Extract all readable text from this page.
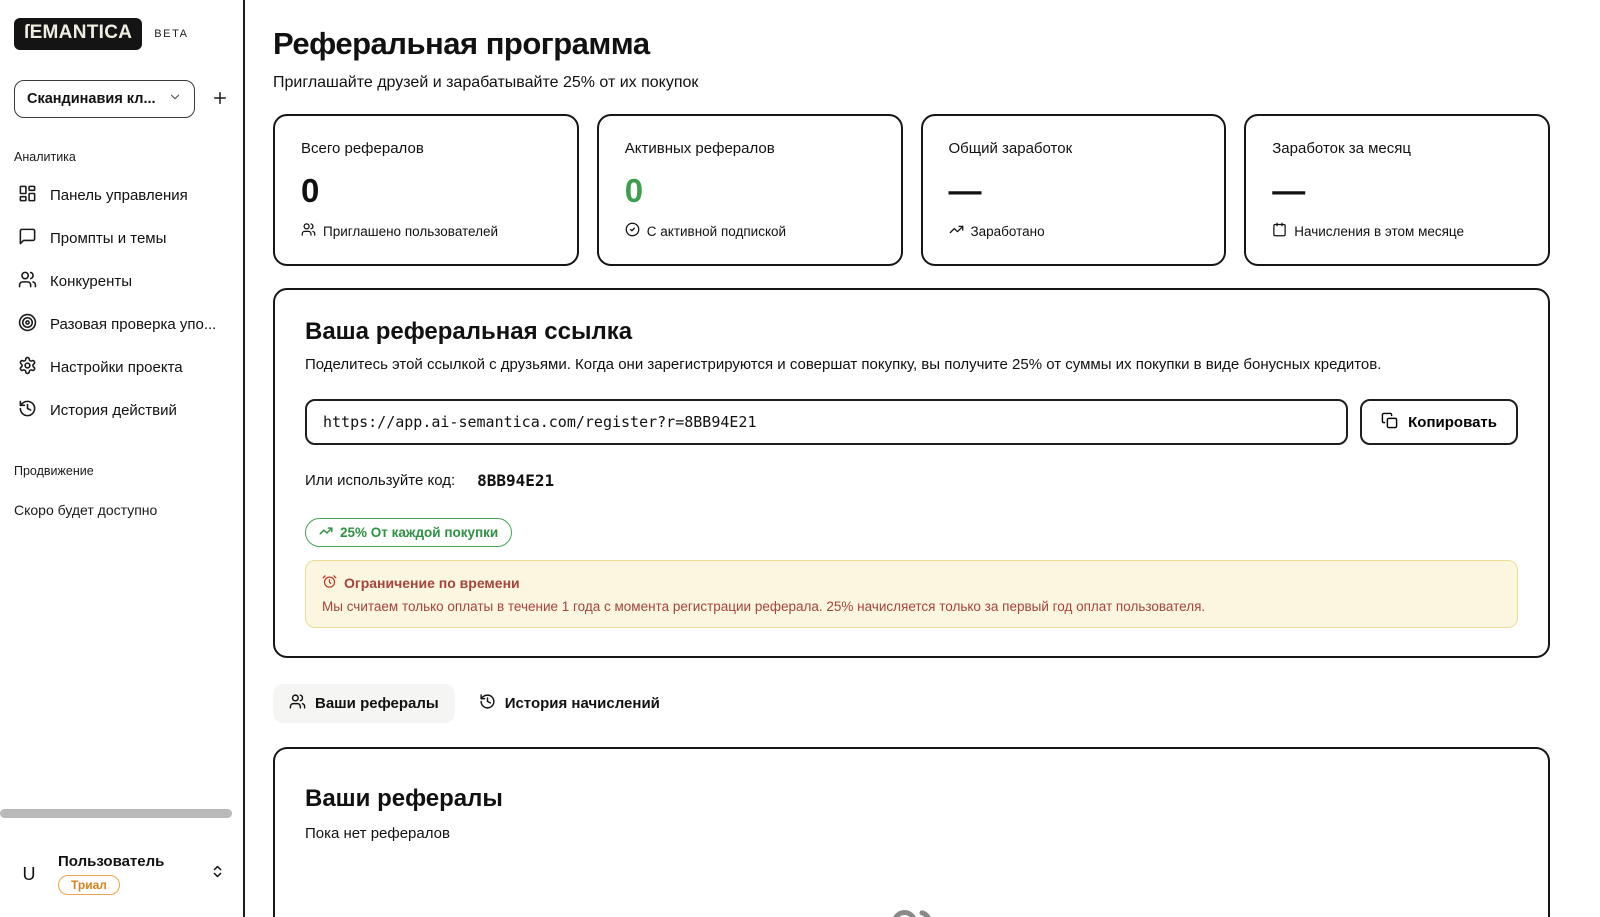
ſEMANTICA	BETA
Скандинавия кл...
Аналитика
Панель управления
Промпты и темы
Конкуренты
Разовая проверка упо...
Настройки проекта
История действий
Продвижение
Скоро будет доступно
U
Пользователь
Триал
Реферальная программа
Приглашайте друзей и зарабатывайте 25% от их покупок
Всего рефералов
0
Приглашено пользователей
Активных рефералов
0
С активной подпиской
Общий заработок
—
Заработано
Заработок за месяц
—
Начисления в этом месяце
Ваша реферальная ссылка
Поделитесь этой ссылкой с друзьями. Когда они зарегистрируются и совершат покупку, вы получите 25% от суммы их покупки в виде бонусных кредитов.
https://app.ai-semantica.com/register?r=8BB94E21
Копировать
Или используйте код: 8BB94E21
25% От каждой покупки
Ограничение по времени
Мы считаем только оплаты в течение 1 года с момента регистрации реферала. 25% начисляется только за первый год оплат пользователя.
Ваши рефералы	История начислений
Ваши рефералы
Пока нет рефералов
